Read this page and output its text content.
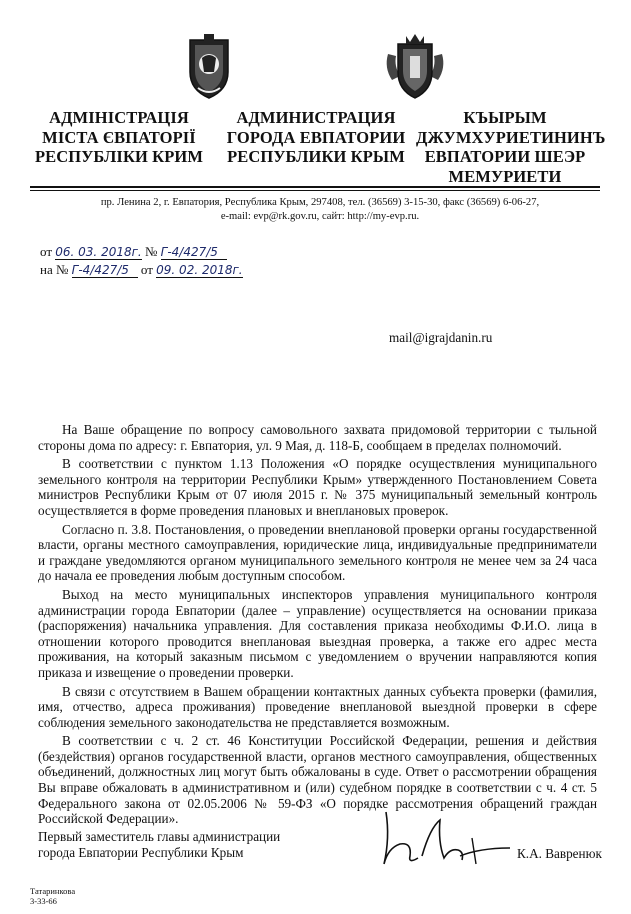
АДМІНІСТРАЦІЯ
МІСТА ЄВПАТОРІЇ
РЕСПУБЛІКИ КРИМ
АДМИНИСТРАЦИЯ
ГОРОДА ЕВПАТОРИИ
РЕСПУБЛИКИ КРЫМ
КЪЫРЫМ
ДЖУМХУРИЕТИНИНЪ
ЕВПАТОРИИ ШЕЭР
МЕМУРИЕТИ
пр. Ленина 2, г. Евпатория, Республика Крым, 297408, тел. (36569) 3-15-30, факс (36569) 6-06-27,
e-mail: evp@rk.gov.ru, сайт: http://my-evp.ru.
от 06. 03. 2018г. № Г-4/427/5
на № Г-4/427/5 от 09. 02. 2018г.
mail@igrajdanin.ru

На Ваше обращение по вопросу самовольного захвата придомовой территории с тыльной стороны дома по адресу: г. Евпатория, ул. 9 Мая, д. 118-Б, сообщаем в пределах полномочий.

В соответствии с пунктом 1.13 Положения «О порядке осуществления муниципального земельного контроля на территории Республики Крым» утвержденного Постановлением Совета министров Республики Крым от 07 июля 2015 г. № 375 муниципальный земельный контроль осуществляется в форме проведения плановых и внеплановых проверок.

Согласно п. 3.8. Постановления, о проведении внеплановой проверки органы государственной власти, органы местного самоуправления, юридические лица, индивидуальные предприниматели и граждане уведомляются органом муниципального земельного контроля не менее чем за 24 часа до начала ее проведения любым доступным способом.

Выход на место муниципальных инспекторов управления муниципального контроля администрации города Евпатории (далее – управление) осуществляется на основании приказа (распоряжения) начальника управления. Для составления приказа необходимы Ф.И.О. лица в отношении которого проводится внеплановая выездная проверка, а также его адрес места проживания, на который заказным письмом с уведомлением о вручении направляются копия приказа и извещение о проведении проверки.

В связи с отсутствием в Вашем обращении контактных данных субъекта проверки (фамилия, имя, отчество, адреса проживания) проведение внеплановой выездной проверки в сфере соблюдения земельного законодательства не представляется возможным.

В соответствии с ч. 2 ст. 46 Конституции Российской Федерации, решения и действия (бездействия) органов государственной власти, органов местного самоуправления, общественных объединений, должностных лиц могут быть обжалованы в суде. Ответ о рассмотрении обращения Вы вправе обжаловать в административном и (или) судебном порядке в соответствии с ч. 4 ст. 5 Федерального закона от 02.05.2006 № 59-ФЗ «О порядке рассмотрения обращений граждан Российской Федерации».

Первый заместитель главы администрации
города Евпатории Республики Крым	К.А. Вавренюк
Татаринкова
3-33-66
